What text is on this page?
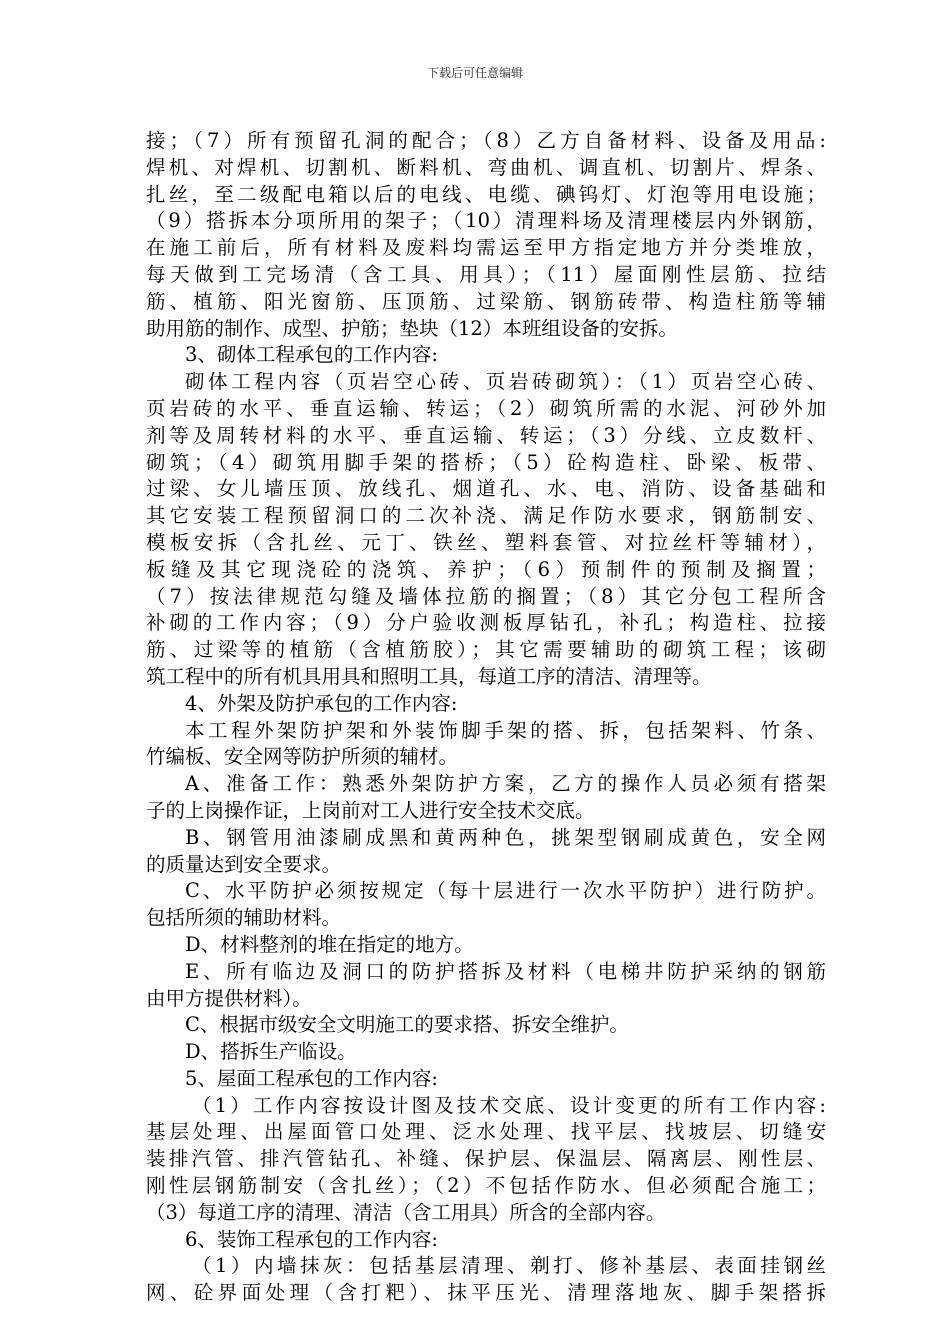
下载后可任意编辑
接；（7）所有预留孔洞的配合；（8）乙方自备材料、设备及用品:
焊机、对焊机、切割机、断料机、弯曲机、调直机、切割片、焊条、
扎丝，至二级配电箱以后的电线、电缆、碘钨灯、灯泡等用电设施；
（9）搭拆本分项所用的架子；（10）清理料场及清理楼层内外钢筋，
在施工前后，所有材料及废料均需运至甲方指定地方并分类堆放，
每天做到工完场清（含工具、用具）；（11）屋面刚性层筋、拉结
筋、植筋、阳光窗筋、压顶筋、过梁筋、钢筋砖带、构造柱筋等辅
助用筋的制作、成型、护筋；垫块（12）本班组设备的安拆。
3、砌体工程承包的工作内容:
砌体工程内容（页岩空心砖、页岩砖砌筑）：（1）页岩空心砖、
页岩砖的水平、垂直运输、转运；（2）砌筑所需的水泥、河砂外加
剂等及周转材料的水平、垂直运输、转运；（3）分线、立皮数杆、
砌筑；（4）砌筑用脚手架的搭桥；（5）砼构造柱、卧梁、板带、
过梁、女儿墙压顶、放线孔、烟道孔、水、电、消防、设备基础和
其它安装工程预留洞口的二次补浇、满足作防水要求，钢筋制安、
模板安拆（含扎丝、元丁、铁丝、塑料套管、对拉丝杆等辅材），
板缝及其它现浇砼的浇筑、养护；（6）预制件的预制及搁置；
（7）按法律规范勾缝及墙体拉筋的搁置；（8）其它分包工程所含
补砌的工作内容；（9）分户验收测板厚钻孔，补孔；构造柱、拉接
筋、过梁等的植筋（含植筋胶）；其它需要辅助的砌筑工程；该砌
筑工程中的所有机具用具和照明工具，每道工序的清洁、清理等。
4、外架及防护承包的工作内容:
本工程外架防护架和外装饰脚手架的搭、拆，包括架料、竹条、
竹编板、安全网等防护所须的辅材。
A、准备工作：熟悉外架防护方案，乙方的操作人员必须有搭架
子的上岗操作证，上岗前对工人进行安全技术交底。
B、钢管用油漆刷成黑和黄两种色，挑架型钢刷成黄色，安全网
的质量达到安全要求。
C、水平防护必须按规定（每十层进行一次水平防护）进行防护。
包括所须的辅助材料。
D、材料整剂的堆在指定的地方。
E、所有临边及洞口的防护搭拆及材料（电梯井防护采纳的钢筋
由甲方提供材料）。
C、根据市级安全文明施工的要求搭、拆安全维护。
D、搭拆生产临设。
5、屋面工程承包的工作内容:
（1）工作内容按设计图及技术交底、设计变更的所有工作内容:
基层处理、出屋面管口处理、泛水处理、找平层、找坡层、切缝安
装排汽管、排汽管钻孔、补缝、保护层、保温层、隔离层、刚性层、
刚性层钢筋制安（含扎丝）；（2）不包括作防水、但必须配合施工；
（3）每道工序的清理、清洁（含工用具）所含的全部内容。
6、装饰工程承包的工作内容:
（1）内墙抹灰：包括基层清理、剃打、修补基层、表面挂钢丝
网、砼界面处理（含打粑）、抹平压光、清理落地灰、脚手架搭拆
